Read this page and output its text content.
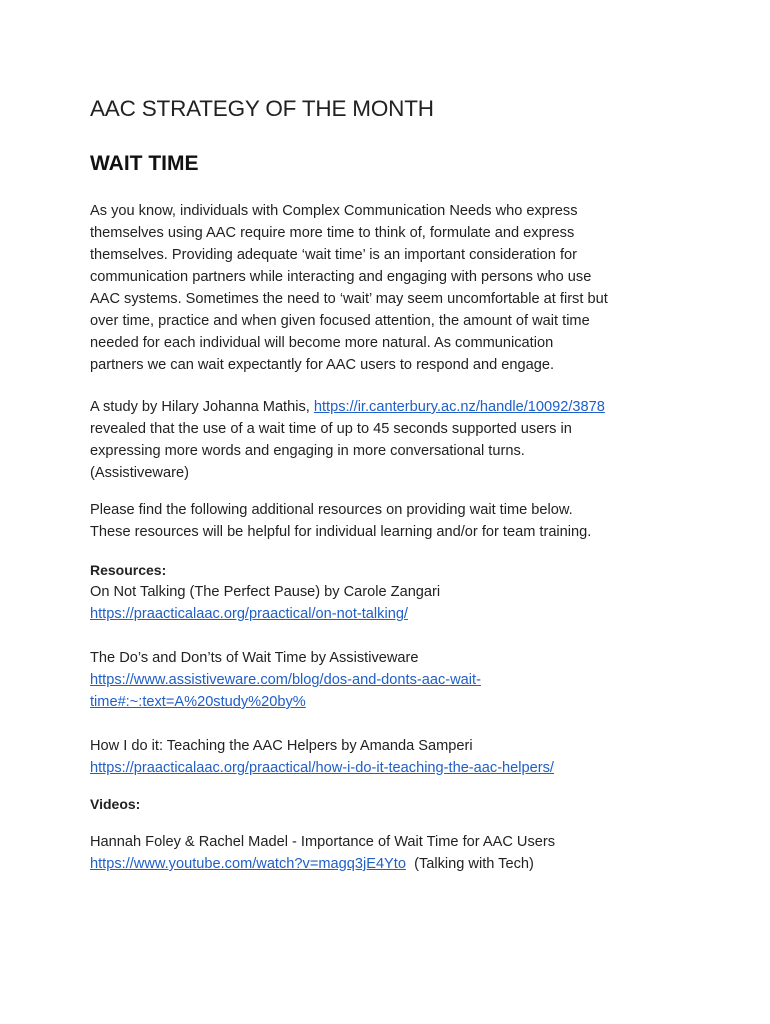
AAC STRATEGY OF THE MONTH
WAIT TIME

As you know, individuals with Complex Communication Needs who express

themselves using AAC require more time to think of, formulate and express

themselves. Providing adequate ‘wait time’ is an important consideration for

communication partners while interacting and engaging with persons who use

AAC systems. Sometimes the need to ‘wait’ may seem uncomfortable at first but

over time, practice and when given focused attention, the amount of wait time

needed for each individual will become more natural. As communication

partners we can wait expectantly for AAC users to respond and engage.

A study by Hilary Johanna Mathis, https://ir.canterbury.ac.nz/handle/10092/3878

revealed that the use of a wait time of up to 45 seconds supported users in

expressing more words and engaging in more conversational turns.

(Assistiveware)

Please find the following additional resources on providing wait time below.

These resources will be helpful for individual learning and/or for team training.

Resources:

On Not Talking (The Perfect Pause) by Carole Zangari

https://praacticalaac.org/praactical/on-not-talking/

The Do’s and Don’ts of Wait Time by Assistiveware

https://www.assistiveware.com/blog/dos-and-donts-aac-wait-

time#:~:text=A%20study%20by%

How I do it: Teaching the AAC Helpers by Amanda Samperi

https://praacticalaac.org/praactical/how-i-do-it-teaching-the-aac-helpers/

Videos:

Hannah Foley & Rachel Madel - Importance of Wait Time for AAC Users

https://www.youtube.com/watch?v=magq3jE4Yto  (Talking with Tech)
